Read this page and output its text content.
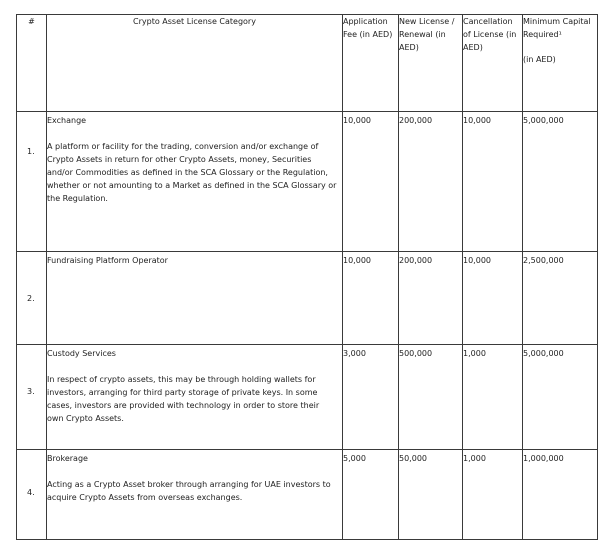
#	Crypto Asset License Category	Application Fee (in AED)	New License / Renewal (in AED)	Cancellation of License (in AED)	Minimum Capital Required¹
(in AED)

1.	Exchange
A platform or facility for the trading, conversion and/or exchange of Crypto Assets in return for other Crypto Assets, money, Securities and/or Commodities as defined in the SCA Glossary or the Regulation, whether or not amounting to a Market as defined in the SCA Glossary or the Regulation.	10,000	200,000	10,000	5,000,000

2.	Fundraising Platform Operator	10,000	200,000	10,000	2,500,000

3.	Custody Services
In respect of crypto assets, this may be through holding wallets for investors, arranging for third party storage of private keys. In some cases, investors are provided with technology in order to store their own Crypto Assets.	3,000	500,000	1,000	5,000,000

4.	Brokerage
Acting as a Crypto Asset broker through arranging for UAE investors to acquire Crypto Assets from overseas exchanges.	5,000	50,000	1,000	1,000,000
